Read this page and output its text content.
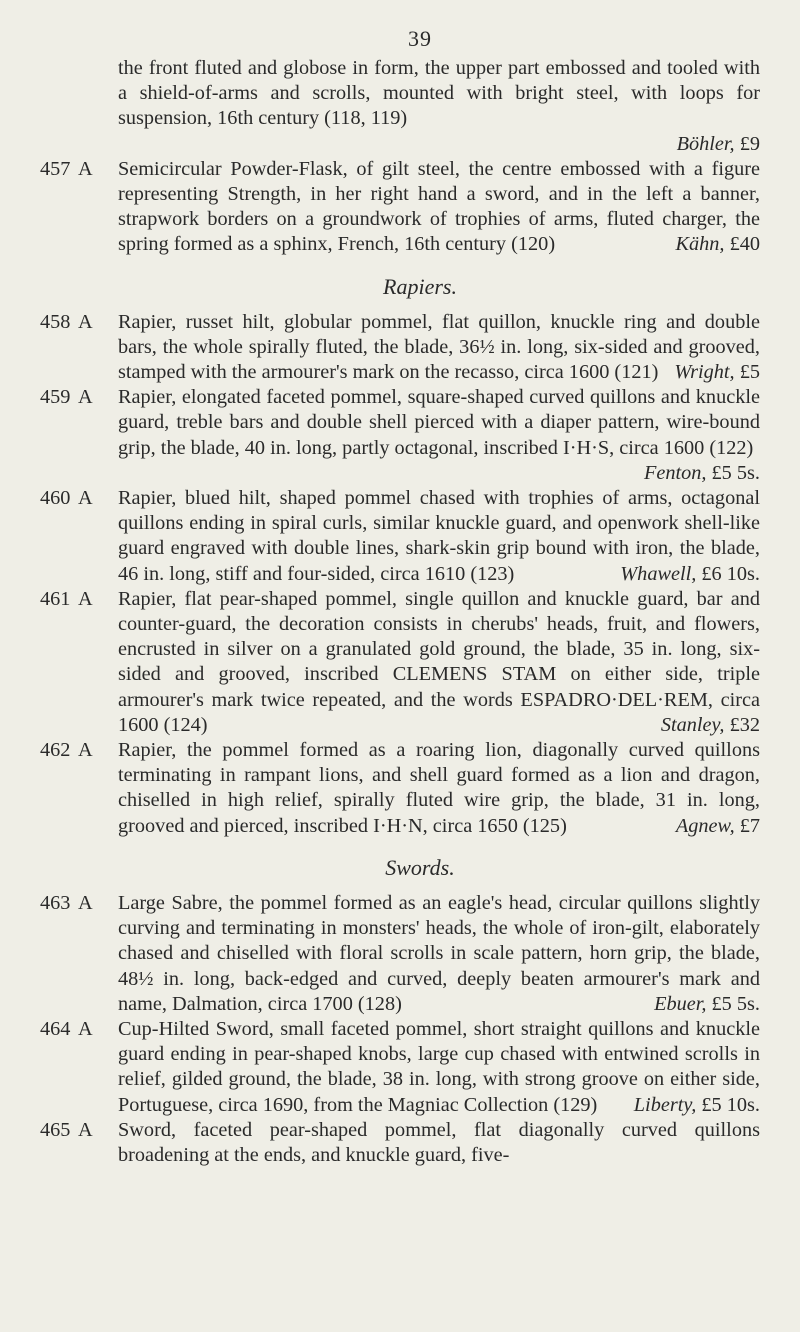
39
the front fluted and globose in form, the upper part embossed and tooled with a shield-of-arms and scrolls, mounted with bright steel, with loops for suspension, 16th century (118, 119)
Böhler, £9
457 A Semicircular Powder-Flask, of gilt steel, the centre embossed with a figure representing Strength, in her right hand a sword, and in the left a banner, strapwork borders on a groundwork of trophies of arms, fluted charger, the spring formed as a sphinx, French, 16th century (120)	Kähn, £40
Rapiers.
458 A Rapier, russet hilt, globular pommel, flat quillon, knuckle ring and double bars, the whole spirally fluted, the blade, 36½ in. long, six-sided and grooved, stamped with the armourer's mark on the recasso, circa 1600 (121) Wright, £5
459 A Rapier, elongated faceted pommel, square-shaped curved quillons and knuckle guard, treble bars and double shell pierced with a diaper pattern, wire-bound grip, the blade, 40 in. long, partly octagonal, inscribed I·H·S, circa 1600 (122)
Fenton, £5 5s.
460 A Rapier, blued hilt, shaped pommel chased with trophies of arms, octagonal quillons ending in spiral curls, similar knuckle guard, and openwork shell-like guard engraved with double lines, shark-skin grip bound with iron, the blade, 46 in. long, stiff and four-sided, circa 1610 (123)	Whawell, £6 10s.
461 A Rapier, flat pear-shaped pommel, single quillon and knuckle guard, bar and counter-guard, the decoration consists in cherubs' heads, fruit, and flowers, encrusted in silver on a granulated gold ground, the blade, 35 in. long, six-sided and grooved, inscribed CLEMENS STAM on either side, triple armourer's mark twice repeated, and the words ESPADRO·DEL·REM, circa 1600 (124)	Stanley, £32
462 A Rapier, the pommel formed as a roaring lion, diagonally curved quillons terminating in rampant lions, and shell guard formed as a lion and dragon, chiselled in high relief, spirally fluted wire grip, the blade, 31 in. long, grooved and pierced, inscribed I·H·N, circa 1650 (125)	Agnew, £7
Swords.
463 A Large Sabre, the pommel formed as an eagle's head, circular quillons slightly curving and terminating in monsters' heads, the whole of iron-gilt, elaborately chased and chiselled with floral scrolls in scale pattern, horn grip, the blade, 48½ in. long, back-edged and curved, deeply beaten armourer's mark and name, Dalmation, circa 1700 (128)	Ebuer, £5 5s.
464 A Cup-Hilted Sword, small faceted pommel, short straight quillons and knuckle guard ending in pear-shaped knobs, large cup chased with entwined scrolls in relief, gilded ground, the blade, 38 in. long, with strong groove on either side, Portuguese, circa 1690, from the Magniac Collection (129) Liberty, £5 10s.
465 A Sword, faceted pear-shaped pommel, flat diagonally curved quillons broadening at the ends, and knuckle guard, five-
